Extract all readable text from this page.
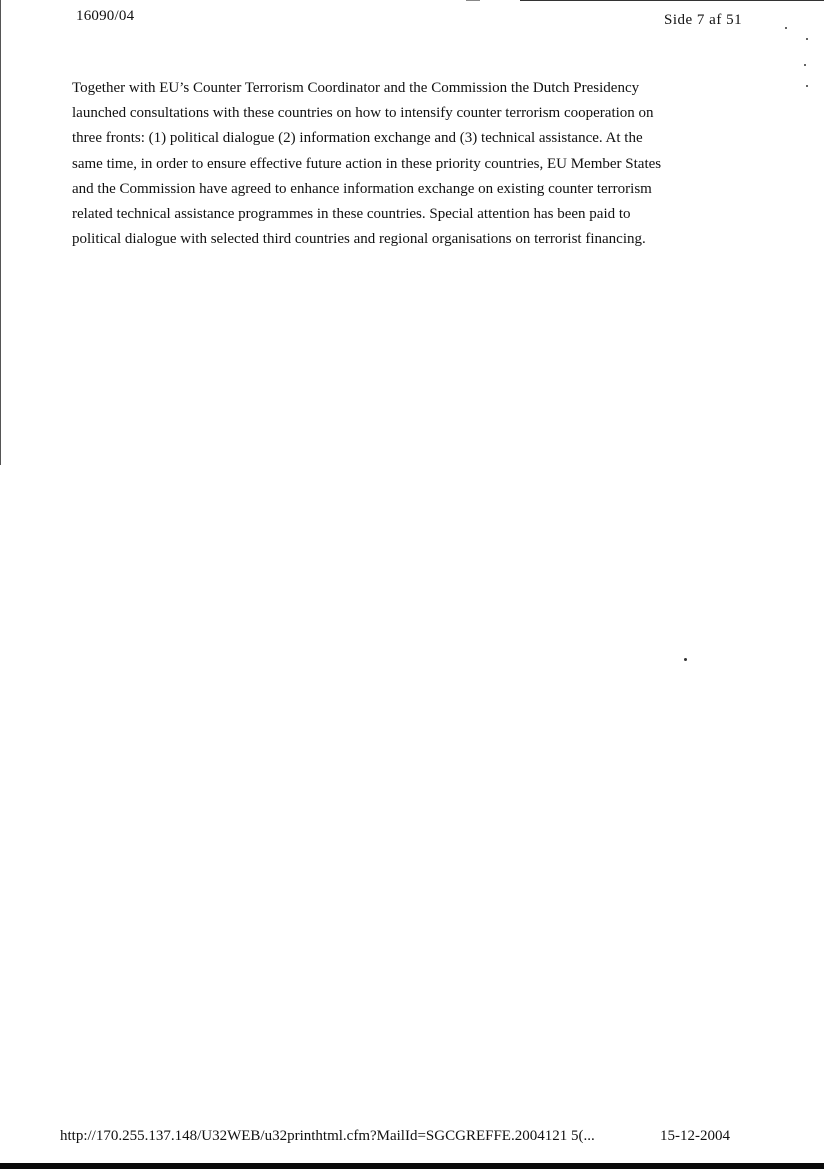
16090/04	Side 7 af 51
Together with EU’s Counter Terrorism Coordinator and the Commission the Dutch Presidency
launched consultations with these countries on how to intensify counter terrorism cooperation on
three fronts: (1) political dialogue (2) information exchange and (3) technical assistance. At the
same time, in order to ensure effective future action in these priority countries, EU Member States
and the Commission have agreed to enhance information exchange on existing counter terrorism
related technical assistance programmes in these countries. Special attention has been paid to
political dialogue with selected third countries and regional organisations on terrorist financing.
http://170.255.137.148/U32WEB/u32printhtml.cfm?MailId=SGCGREFFE.2004121 5(...	15-12-2004
